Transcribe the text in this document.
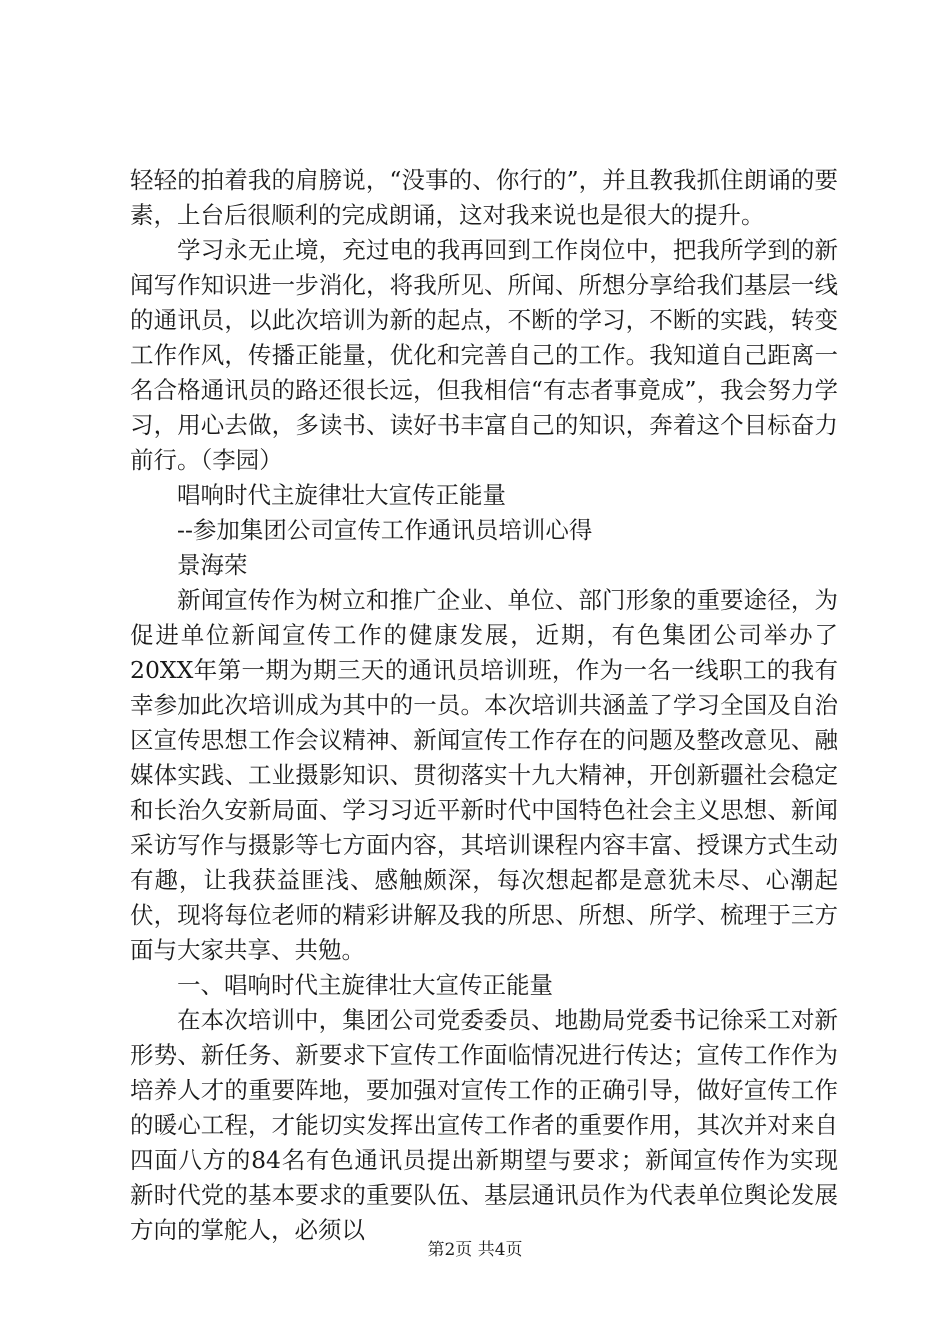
轻轻的拍着我的肩膀说，“没事的、你行的”，并且教我抓住朗诵的要素，上台后很顺利的完成朗诵，这对我来说也是很大的提升。

学习永无止境，充过电的我再回到工作岗位中，把我所学到的新闻写作知识进一步消化，将我所见、所闻、所想分享给我们基层一线的通讯员，以此次培训为新的起点，不断的学习，不断的实践，转变工作作风，传播正能量，优化和完善自己的工作。我知道自己距离一名合格通讯员的路还很长远，但我相信“有志者事竟成”，我会努力学习，用心去做，多读书、读好书丰富自己的知识，奔着这个目标奋力前行。（李园）

唱响时代主旋律壮大宣传正能量

--参加集团公司宣传工作通讯员培训心得

景海荣

新闻宣传作为树立和推广企业、单位、部门形象的重要途径，为促进单位新闻宣传工作的健康发展，近期，有色集团公司举办了20XX年第一期为期三天的通讯员培训班，作为一名一线职工的我有幸参加此次培训成为其中的一员。本次培训共涵盖了学习全国及自治区宣传思想工作会议精神、新闻宣传工作存在的问题及整改意见、融媒体实践、工业摄影知识、贯彻落实十九大精神，开创新疆社会稳定和长治久安新局面、学习习近平新时代中国特色社会主义思想、新闻采访写作与摄影等七方面内容，其培训课程内容丰富、授课方式生动有趣，让我获益匪浅、感触颇深，每次想起都是意犹未尽、心潮起伏，现将每位老师的精彩讲解及我的所思、所想、所学、梳理于三方面与大家共享、共勉。

一、唱响时代主旋律壮大宣传正能量

在本次培训中，集团公司党委委员、地勘局党委书记徐采工对新形势、新任务、新要求下宣传工作面临情况进行传达；宣传工作作为培养人才的重要阵地，要加强对宣传工作的正确引导，做好宣传工作的暖心工程，才能切实发挥出宣传工作者的重要作用，其次并对来自四面八方的84名有色通讯员提出新期望与要求；新闻宣传作为实现新时代党的基本要求的重要队伍、基层通讯员作为代表单位舆论发展方向的掌舵人，必须以

第2页 共4页
